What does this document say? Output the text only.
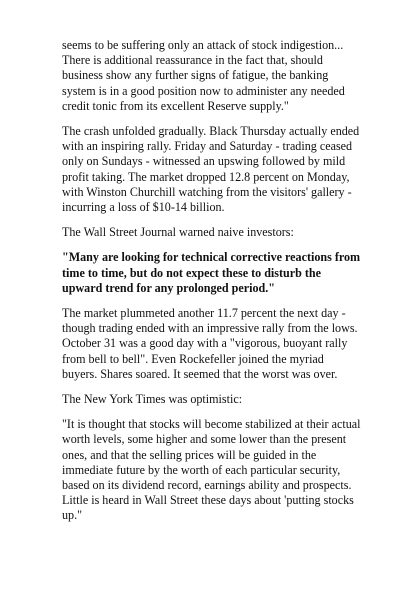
seems to be suffering only an attack of stock indigestion... There is additional reassurance in the fact that, should business show any further signs of fatigue, the banking system is in a good position now to administer any needed credit tonic from its excellent Reserve supply."

The crash unfolded gradually. Black Thursday actually ended with an inspiring rally. Friday and Saturday - trading ceased only on Sundays - witnessed an upswing followed by mild profit taking. The market dropped 12.8 percent on Monday, with Winston Churchill watching from the visitors' gallery - incurring a loss of $10-14 billion.

The Wall Street Journal warned naive investors:

"Many are looking for technical corrective reactions from time to time, but do not expect these to disturb the upward trend for any prolonged period."

The market plummeted another 11.7 percent the next day - though trading ended with an impressive rally from the lows. October 31 was a good day with a "vigorous, buoyant rally from bell to bell". Even Rockefeller joined the myriad buyers. Shares soared. It seemed that the worst was over.

The New York Times was optimistic:

"It is thought that stocks will become stabilized at their actual worth levels, some higher and some lower than the present ones, and that the selling prices will be guided in the immediate future by the worth of each particular security, based on its dividend record, earnings ability and prospects. Little is heard in Wall Street these days about 'putting stocks up."
